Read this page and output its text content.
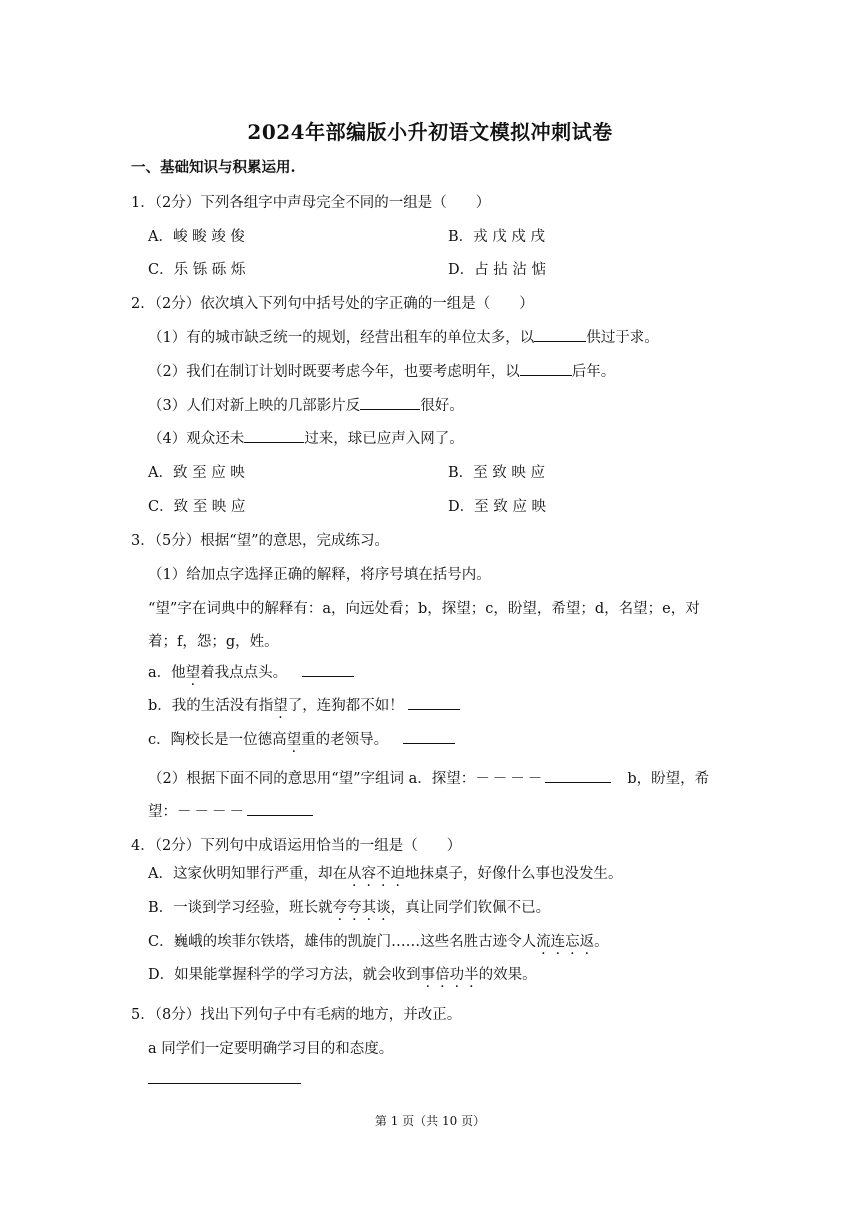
2024年部编版小升初语文模拟冲刺试卷
一、基础知识与积累运用.
1．（2分）下列各组字中声母完全不同的一组是（　　）
A．峻 畯 竣 俊	B．戎 戊 戍 戌
C．乐 铄 砾 烁	D．占 拈 沾 惦
2．（2分）依次填入下列句中括号处的字正确的一组是（　　）
（1）有的城市缺乏统一的规划，经营出租车的单位太多，以	供过于求。
（2）我们在制订计划时既要考虑今年，也要考虑明年，以	后年。
（3）人们对新上映的几部影片反	很好。
（4）观众还未	过来，球已应声入网了。
A．致 至 应 映	B．至 致 映 应
C．致 至 映 应	D．至 致 应 映
3．（5分）根据“望”的意思，完成练习。
（1）给加点字选择正确的解释，将序号填在括号内。
“望”字在词典中的解释有：a，向远处看；b，探望；c，盼望，希望；d，名望；e，对
着；f，怨；g，姓。
a．他望着我点点头。
b．我的生活没有指望了，连狗都不如！
c．陶校长是一位德高望重的老领导。
（2）根据下面不同的意思用“望”字组词 a．探望：－－－－	b，盼望，希
望：－－－－
4．（2分）下列句中成语运用恰当的一组是（　　）
A．这家伙明知罪行严重，却在从容不迫地抹桌子，好像什么事也没发生。
B．一谈到学习经验，班长就夸夸其谈，真让同学们钦佩不已。
C．巍峨的埃菲尔铁塔，雄伟的凯旋门……这些名胜古迹令人流连忘返。
D．如果能掌握科学的学习方法，就会收到事倍功半的效果。
5．（8分）找出下列句子中有毛病的地方，并改正。
a 同学们一定要明确学习目的和态度。
第 1 页（共 10 页）
